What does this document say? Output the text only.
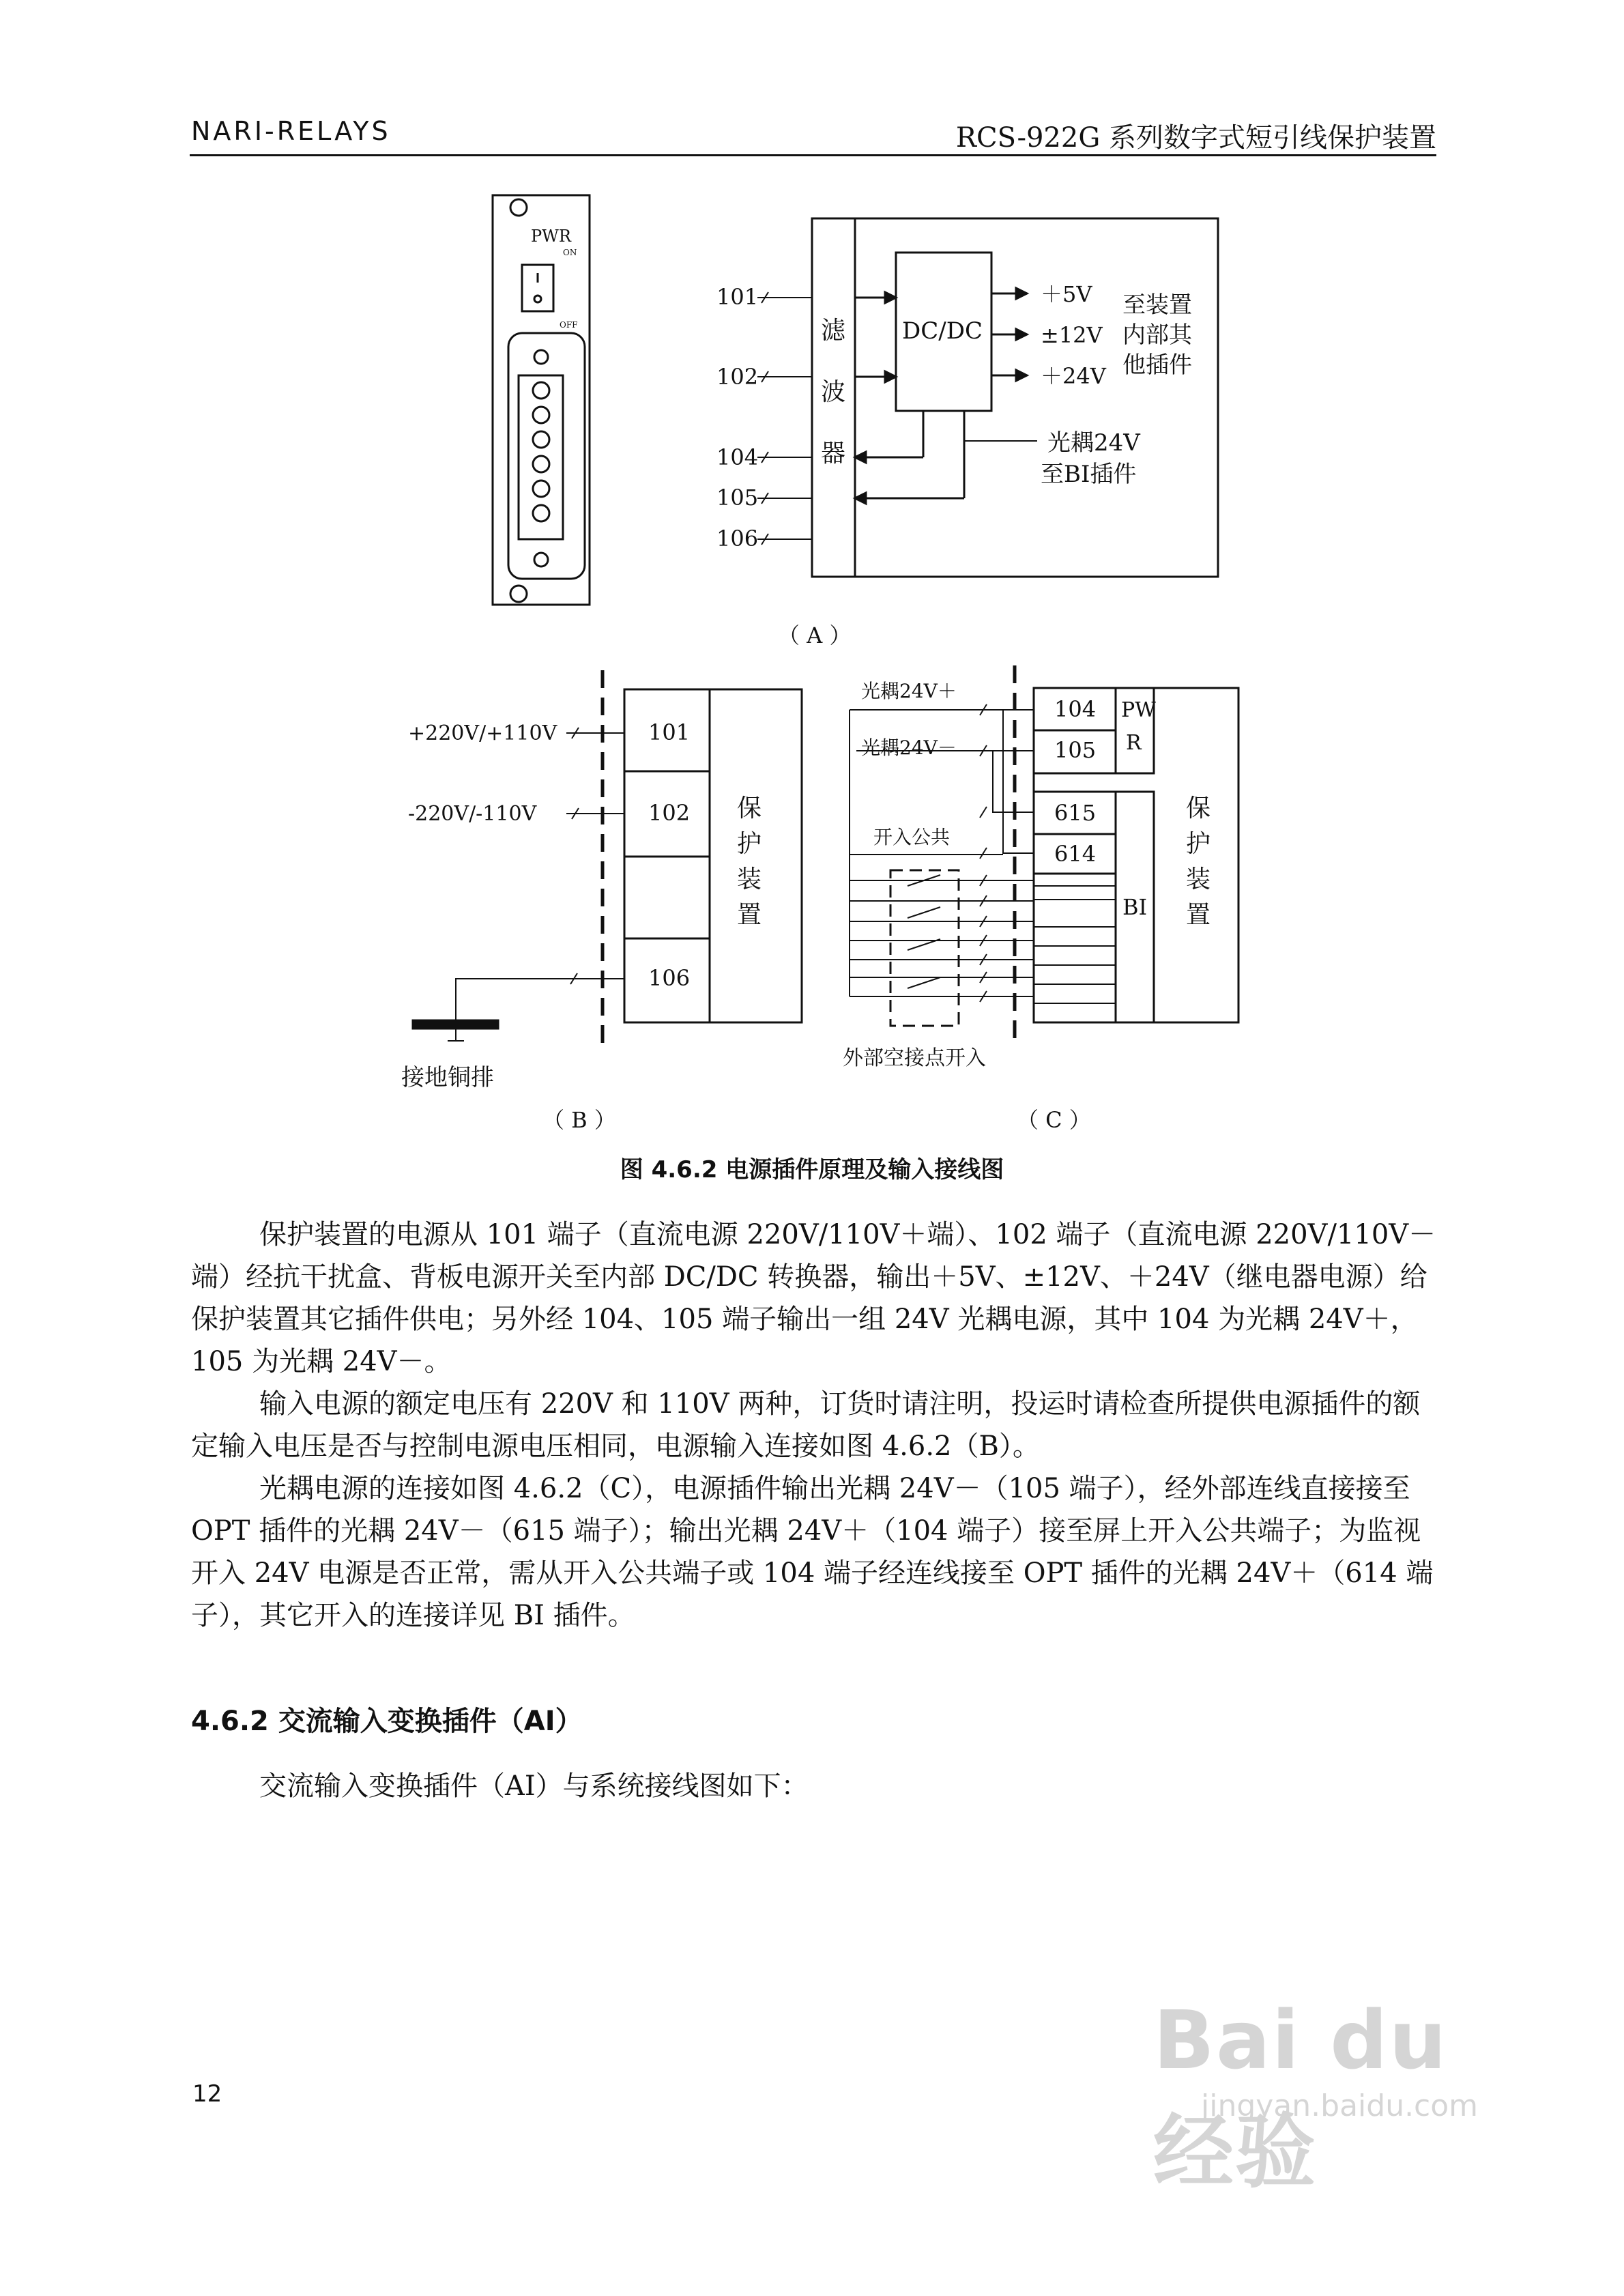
NARI-RELAYS	RCS-922G 系列数字式短引线保护装置
PWR
ON
OFF	DC/DC
滤
波
器
101
102
104
105
106
＋5V
±12V
＋24V
至装置
内部其
他插件
光耦24V
至BI插件
（ A ）
101
102
106
保
护
装
置
+220V/+110V
-220V/-110V
接地铜排
（ B ）
104
105
PW
R
615
614
BI
保
护
装
置
光耦24V＋
光耦24V－
开入公共
外部空接点开入
（ C ）
图 4.6.2 电源插件原理及输入接线图

保护装置的电源从 101 端子（直流电源 220V/110V＋端）、102 端子（直流电源 220V/110V－端）经抗干扰盒、背板电源开关至内部 DC/DC 转换器，输出＋5V、±12V、＋24V（继电器电源）给保护装置其它插件供电；另外经 104、105 端子输出一组 24V 光耦电源，其中 104 为光耦 24V＋，105 为光耦 24V－。

输入电源的额定电压有 220V 和 110V 两种，订货时请注明，投运时请检查所提供电源插件的额定输入电压是否与控制电源电压相同，电源输入连接如图 4.6.2（B）。

光耦电源的连接如图 4.6.2（C），电源插件输出光耦 24V－（105 端子），经外部连线直接接至 OPT 插件的光耦 24V－（615 端子）；输出光耦 24V＋（104 端子）接至屏上开入公共端子；为监视开入 24V 电源是否正常，需从开入公共端子或 104 端子经连线接至 OPT 插件的光耦 24V＋（614 端子），其它开入的连接详见 BI 插件。

4.6.2 交流输入变换插件（AI）
交流输入变换插件（AI）与系统接线图如下：
12
Bai du 经验
jingyan.baidu.com
